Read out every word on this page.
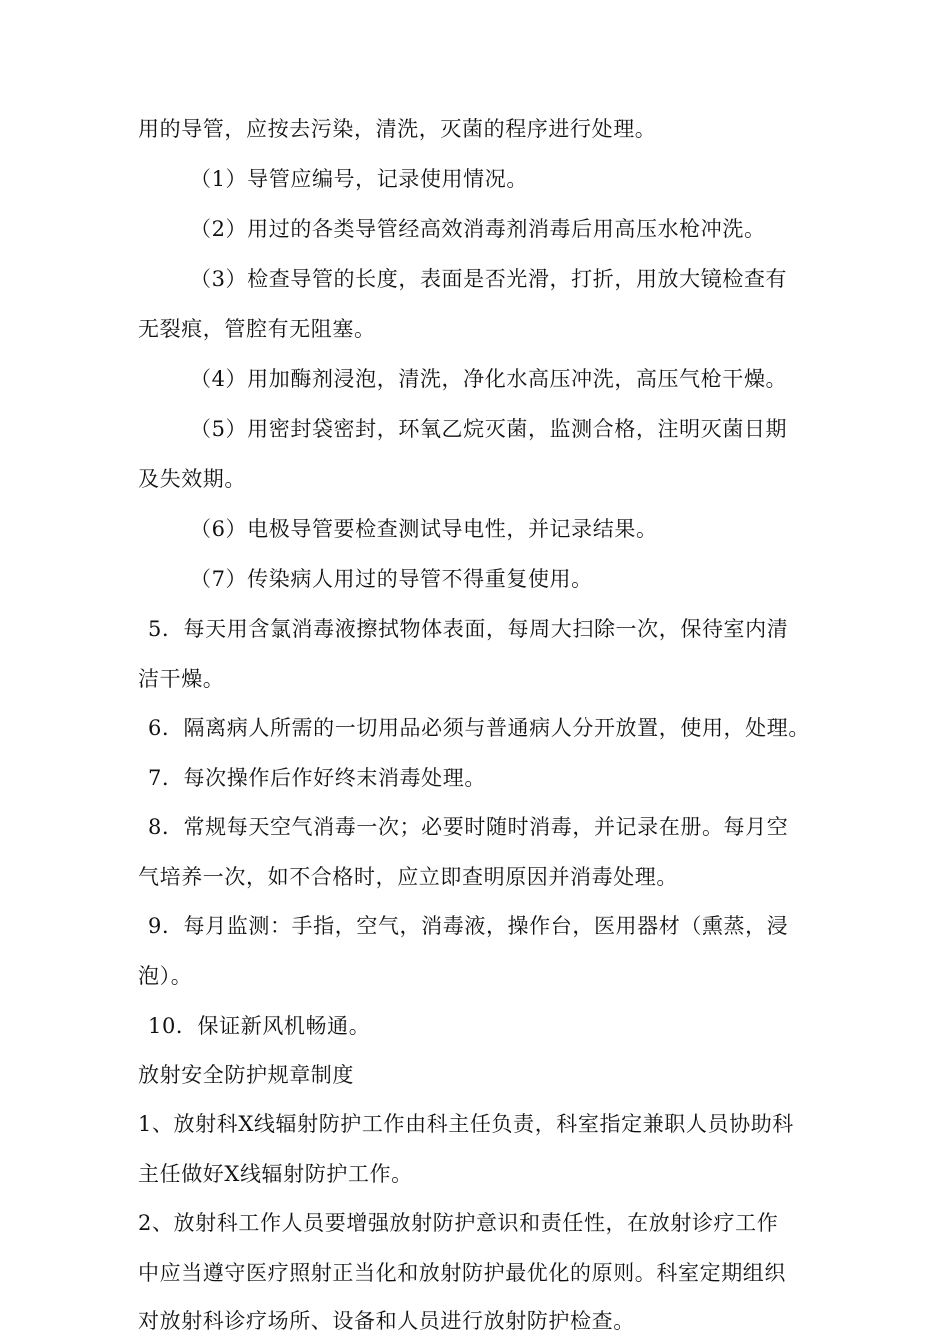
用的导管，应按去污染，清洗，灭菌的程序进行处理。
（1）导管应编号，记录使用情况。
（2）用过的各类导管经高效消毒剂消毒后用高压水枪冲洗。
（3）检查导管的长度，表面是否光滑，打折，用放大镜检查有
无裂痕，管腔有无阻塞。
（4）用加酶剂浸泡，清洗，净化水高压冲洗，高压气枪干燥。
（5）用密封袋密封，环氧乙烷灭菌，监测合格，注明灭菌日期
及失效期。
（6）电极导管要检查测试导电性，并记录结果。
（7）传染病人用过的导管不得重复使用。
5．每天用含氯消毒液擦拭物体表面，每周大扫除一次，保待室内清
洁干燥。
6．隔离病人所需的一切用品必须与普通病人分开放置，使用，处理。
7．每次操作后作好终末消毒处理。
8．常规每天空气消毒一次；必要时随时消毒，并记录在册。每月空
气培养一次，如不合格时，应立即查明原因并消毒处理。
9．每月监测：手指，空气，消毒液，操作台，医用器材（熏蒸，浸
泡）。
10．保证新风机畅通。
放射安全防护规章制度
1、放射科X线辐射防护工作由科主任负责，科室指定兼职人员协助科
主任做好X线辐射防护工作。
2、放射科工作人员要增强放射防护意识和责任性，在放射诊疗工作
中应当遵守医疗照射正当化和放射防护最优化的原则。科室定期组织
对放射科诊疗场所、设备和人员进行放射防护检查。
